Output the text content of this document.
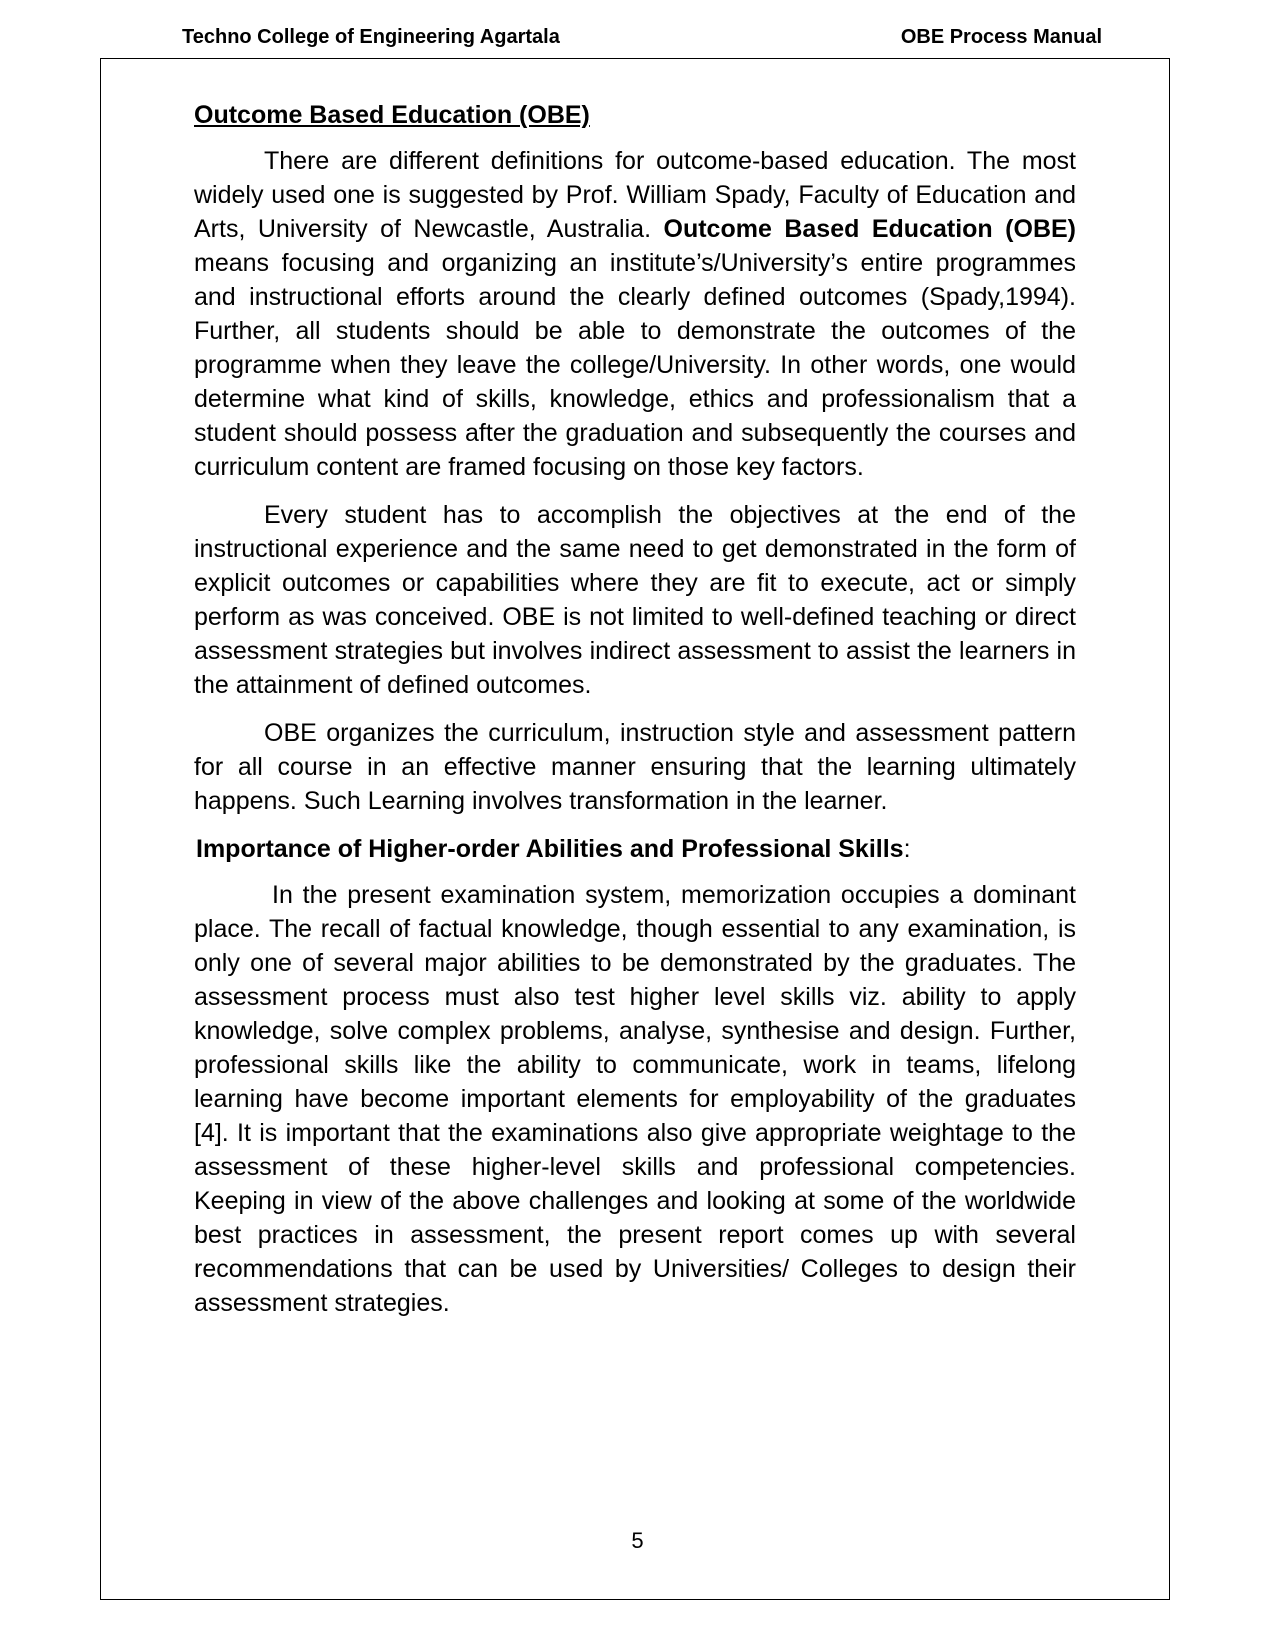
Techno College of Engineering Agartala	OBE Process Manual
Outcome Based Education (OBE)

There are different definitions for outcome-based education. The most widely used one is suggested by Prof. William Spady, Faculty of Education and Arts, University of Newcastle, Australia. Outcome Based Education (OBE) means focusing and organizing an institute’s/University’s entire programmes and instructional efforts around the clearly defined outcomes (Spady,1994). Further, all students should be able to demonstrate the outcomes of the programme when they leave the college/University. In other words, one would determine what kind of skills, knowledge, ethics and professionalism that a student should possess after the graduation and subsequently the courses and curriculum content are framed focusing on those key factors.

Every student has to accomplish the objectives at the end of the instructional experience and the same need to get demonstrated in the form of explicit outcomes or capabilities where they are fit to execute, act or simply perform as was conceived. OBE is not limited to well-defined teaching or direct assessment strategies but involves indirect assessment to assist the learners in the attainment of defined outcomes.

OBE organizes the curriculum, instruction style and assessment pattern for all course in an effective manner ensuring that the learning ultimately happens. Such Learning involves transformation in the learner.

Importance of Higher-order Abilities and Professional Skills:

In the present examination system, memorization occupies a dominant place. The recall of factual knowledge, though essential to any examination, is only one of several major abilities to be demonstrated by the graduates. The assessment process must also test higher level skills viz. ability to apply knowledge, solve complex problems, analyse, synthesise and design. Further, professional skills like the ability to communicate, work in teams, lifelong learning have become important elements for employability of the graduates [4]. It is important that the examinations also give appropriate weightage to the assessment of these higher-level skills and professional competencies. Keeping in view of the above challenges and looking at some of the worldwide best practices in assessment, the present report comes up with several recommendations that can be used by Universities/ Colleges to design their assessment strategies.

5
